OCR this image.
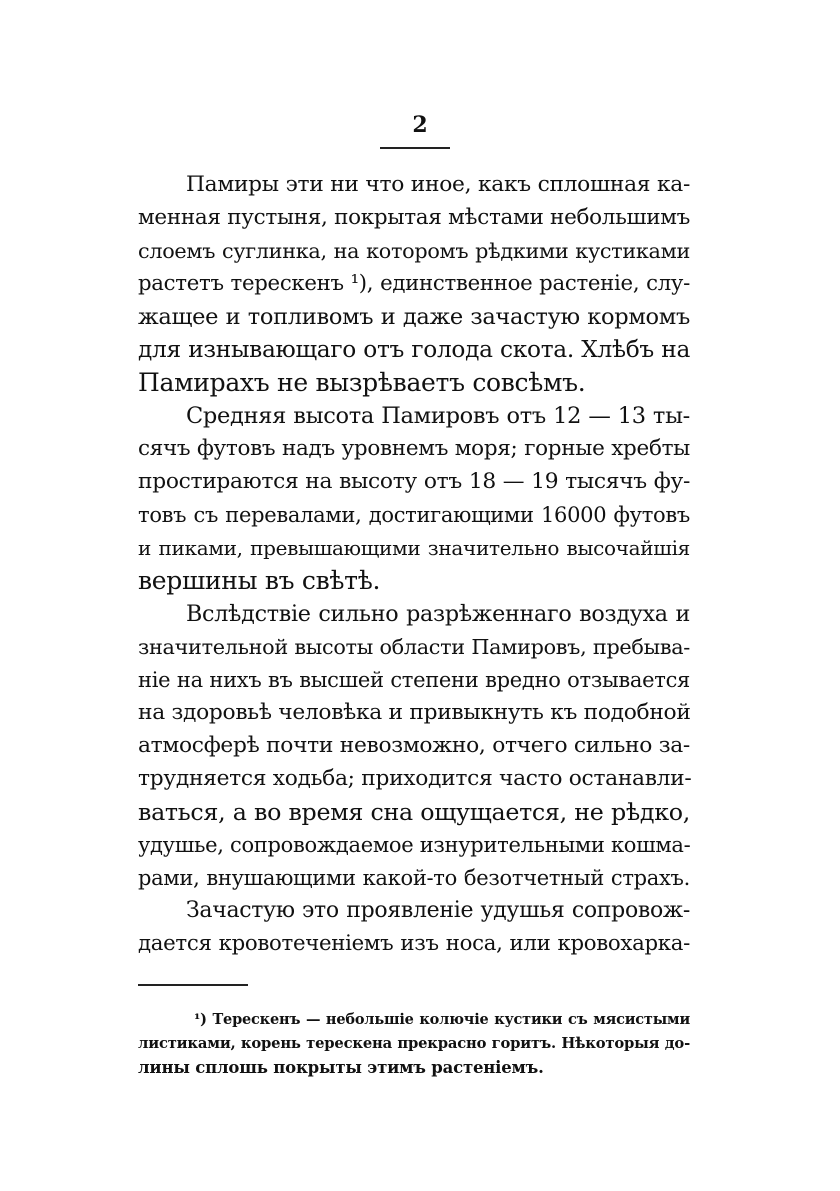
2
Памиры эти ни что иное, какъ сплошная ка-
менная пустыня, покрытая мѣстами небольшимъ
слоемъ суглинка, на которомъ рѣдкими кустиками
растетъ терескенъ ¹), единственное растеніе, слу-
жащее и топливомъ и даже зачастую кормомъ
для изнывающаго отъ голода скота. Хлѣбъ на
Памирахъ не вызрѣваетъ совсѣмъ.
Средняя высота Памировъ отъ 12 — 13 ты-
сячъ футовъ надъ уровнемъ моря; горные хребты
простираются на высоту отъ 18 — 19 тысячъ фу-
товъ съ перевалами, достигающими 16000 футовъ
и пиками, превышающими значительно высочайшія
вершины въ свѣтѣ.
Вслѣдствіе сильно разрѣженнаго воздуха и
значительной высоты области Памировъ, пребыва-
ніе на нихъ въ высшей степени вредно отзывается
на здоровьѣ человѣка и привыкнуть къ подобной
атмосферѣ почти невозможно, отчего сильно за-
трудняется ходьба; приходится часто останавли-
ваться, а во время сна ощущается, не рѣдко,
удушье, сопровождаемое изнурительными кошма-
рами, внушающими какой-то безотчетный страхъ.
Зачастую это проявленіе удушья сопровож-
дается кровотеченіемъ изъ носа, или кровохарка-
¹) Терескенъ — небольшіе колючіе кустики съ мясистыми
листиками, корень терескена прекрасно горитъ. Нѣкоторыя до-
лины сплошь покрыты этимъ растеніемъ.
